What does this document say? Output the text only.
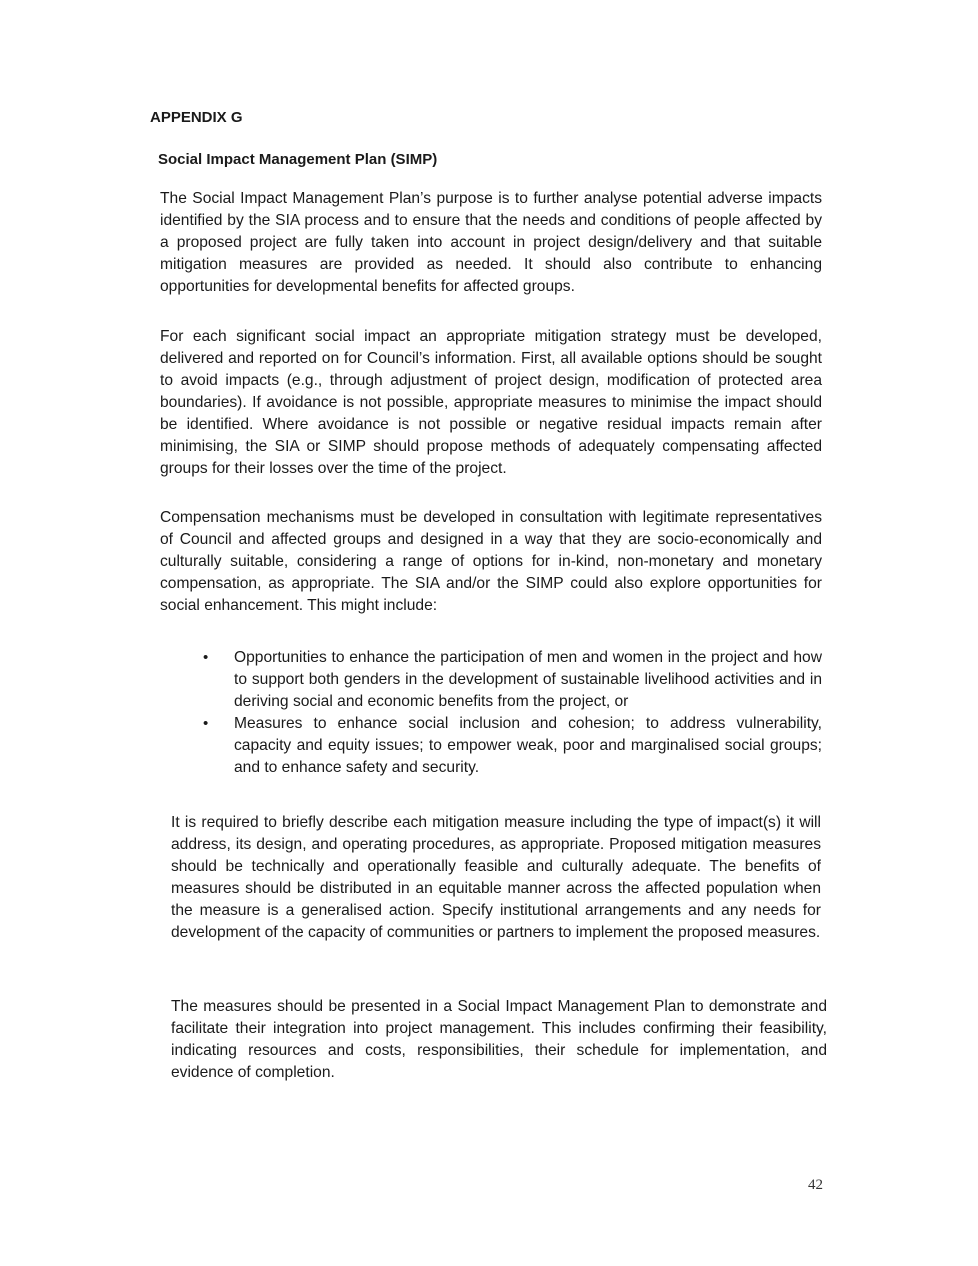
APPENDIX G

Social Impact Management Plan (SIMP)

The Social Impact Management Plan’s purpose is to further analyse potential adverse impacts identified by the SIA process and to ensure that the needs and conditions of people affected by a proposed project are fully taken into account in project design/delivery and that suitable mitigation measures are provided as needed. It should also contribute to enhancing opportunities for developmental benefits for affected groups.

For each significant social impact an appropriate mitigation strategy must be developed, delivered and reported on for Council’s information. First, all available options should be sought to avoid impacts (e.g., through adjustment of project design, modification of protected area boundaries). If avoidance is not possible, appropriate measures to minimise the impact should be identified. Where avoidance is not possible or negative residual impacts remain after minimising, the SIA or SIMP should propose methods of adequately compensating affected groups for their losses over the time of the project.

Compensation mechanisms must be developed in consultation with legitimate representatives of Council and affected groups and designed in a way that they are socio-economically and culturally suitable, considering a range of options for in-kind, non-monetary and monetary compensation, as appropriate. The SIA and/or the SIMP could also explore opportunities for social enhancement. This might include:

• Opportunities to enhance the participation of men and women in the project and how to support both genders in the development of sustainable livelihood activities and in deriving social and economic benefits from the project, or
• Measures to enhance social inclusion and cohesion; to address vulnerability, capacity and equity issues; to empower weak, poor and marginalised social groups; and to enhance safety and security.

It is required to briefly describe each mitigation measure including the type of impact(s) it will address, its design, and operating procedures, as appropriate. Proposed mitigation measures should be technically and operationally feasible and culturally adequate. The benefits of measures should be distributed in an equitable manner across the affected population when the measure is a generalised action. Specify institutional arrangements and any needs for development of the capacity of communities or partners to implement the proposed measures.

The measures should be presented in a Social Impact Management Plan to demonstrate and facilitate their integration into project management. This includes confirming their feasibility, indicating resources and costs, responsibilities, their schedule for implementation, and evidence of completion.

42
